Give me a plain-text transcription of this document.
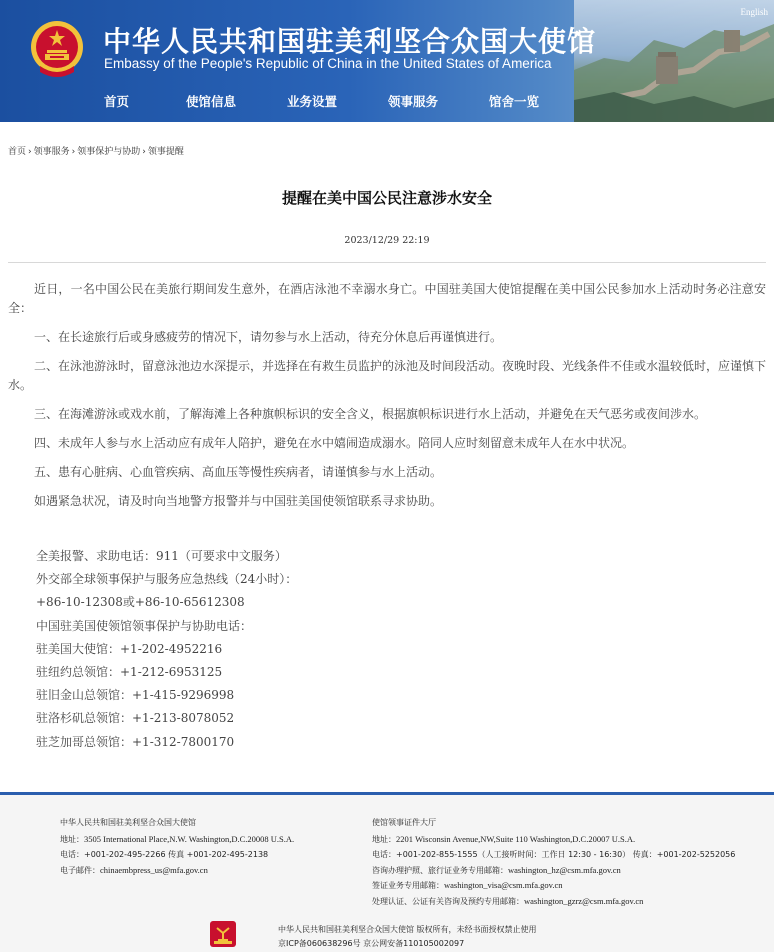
English
中华人民共和国驻美利坚合众国大使馆
Embassy of the People's Republic of China in the United States of America
首页	使馆信息	业务设置	领事服务	馆舍一览
首页 › 领事服务 › 领事保护与协助 › 领事提醒
提醒在美中国公民注意涉水安全
2023/12/29 22:19

近日，一名中国公民在美旅行期间发生意外，在酒店泳池不幸溺水身亡。中国驻美国大使馆提醒在美中国公民参加水上活动时务必注意安全：

一、在长途旅行后或身感疲劳的情况下，请勿参与水上活动，待充分休息后再谨慎进行。

二、在泳池游泳时，留意泳池边水深提示，并选择在有救生员监护的泳池及时间段活动。夜晚时段、光线条件不佳或水温较低时，应谨慎下水。

三、在海滩游泳或戏水前，了解海滩上各种旗帜标识的安全含义，根据旗帜标识进行水上活动，并避免在天气恶劣或夜间涉水。

四、未成年人参与水上活动应有成年人陪护，避免在水中嬉闹造成溺水。陪同人应时刻留意未成年人在水中状况。

五、患有心脏病、心血管疾病、高血压等慢性疾病者，请谨慎参与水上活动。

如遇紧急状况，请及时向当地警方报警并与中国驻美国使领馆联系寻求协助。

全美报警、求助电话：911（可要求中文服务）
外交部全球领事保护与服务应急热线（24小时）：
+86-10-12308或+86-10-65612308
中国驻美国使领馆领事保护与协助电话：
驻美国大使馆：+1-202-4952216
驻纽约总领馆：+1-212-6953125
驻旧金山总领馆：+1-415-9296998
驻洛杉矶总领馆：+1-213-8078052
驻芝加哥总领馆：+1-312-7800170
中华人民共和国驻美利坚合众国大使馆
地址：3505 International Place,N.W. Washington,D.C.20008 U.S.A.
电话：+001-202-495-2266 传真 +001-202-495-2138
电子邮件：chinaembpress_us@mfa.gov.cn
使馆领事证件大厅
地址：2201 Wisconsin Avenue,NW,Suite 110 Washington,D.C.20007 U.S.A.
电话：+001-202-855-1555（人工接听时间：工作日 12:30 - 16:30） 传真：+001-202-5252056
咨询办理护照、旅行证业务专用邮箱：washington_hz@csm.mfa.gov.cn
签证业务专用邮箱：washington_visa@csm.mfa.gov.cn
处理认证、公证有关咨询及预约专用邮箱：washington_gzrz@csm.mfa.gov.cn
中华人民共和国驻美利坚合众国大使馆 版权所有，未经书面授权禁止使用
京ICP备060638296号 京公网安备110105002097
